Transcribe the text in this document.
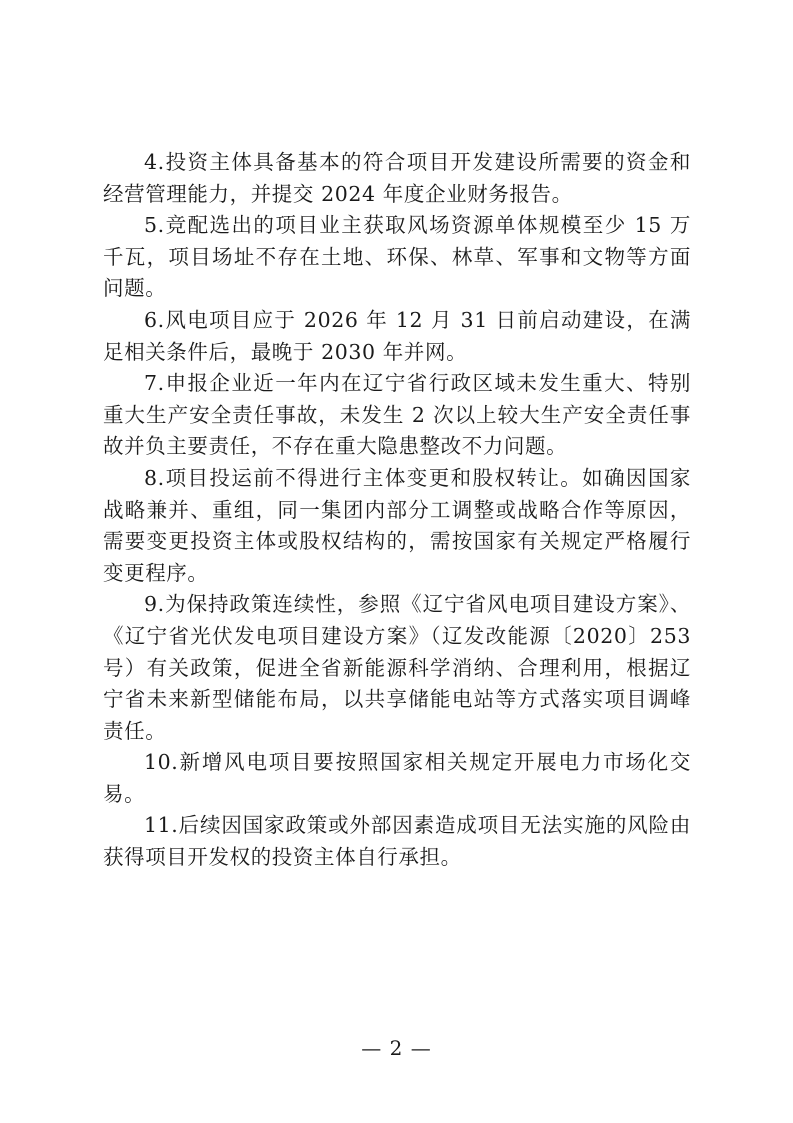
4.投资主体具备基本的符合项目开发建设所需要的资金和经营管理能力，并提交 2024 年度企业财务报告。

5.竞配选出的项目业主获取风场资源单体规模至少 15 万千瓦，项目场址不存在土地、环保、林草、军事和文物等方面问题。

6.风电项目应于 2026 年 12 月 31 日前启动建设，在满足相关条件后，最晚于 2030 年并网。

7.申报企业近一年内在辽宁省行政区域未发生重大、特别重大生产安全责任事故，未发生 2 次以上较大生产安全责任事故并负主要责任，不存在重大隐患整改不力问题。

8.项目投运前不得进行主体变更和股权转让。如确因国家战略兼并、重组，同一集团内部分工调整或战略合作等原因，需要变更投资主体或股权结构的，需按国家有关规定严格履行变更程序。

9.为保持政策连续性，参照《辽宁省风电项目建设方案》、《辽宁省光伏发电项目建设方案》（辽发改能源〔2020〕253号）有关政策，促进全省新能源科学消纳、合理利用，根据辽宁省未来新型储能布局，以共享储能电站等方式落实项目调峰责任。

10.新增风电项目要按照国家相关规定开展电力市场化交易。

11.后续因国家政策或外部因素造成项目无法实施的风险由获得项目开发权的投资主体自行承担。

— 2 —
